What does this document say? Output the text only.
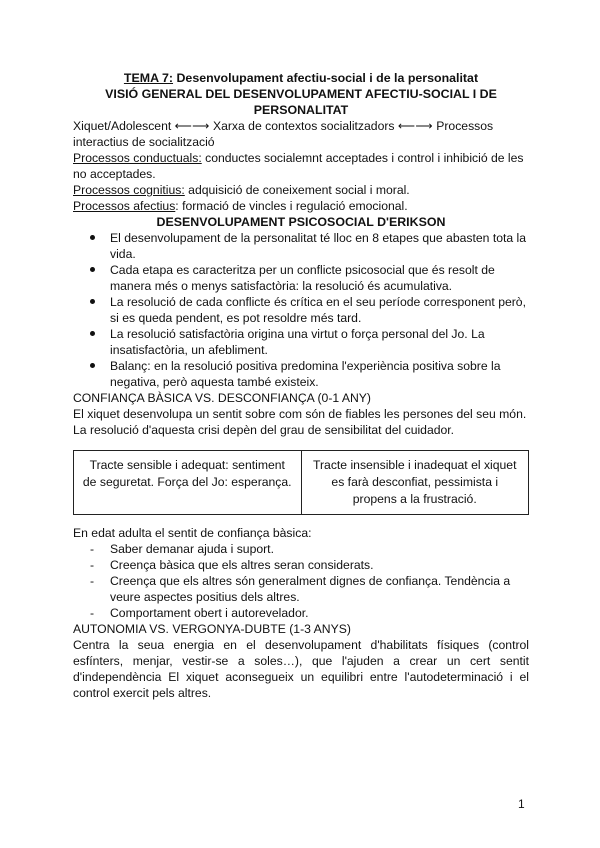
TEMA 7: Desenvolupament afectiu-social i de la personalitat
VISIÓ GENERAL DEL DESENVOLUPAMENT AFECTIU-SOCIAL I DE
PERSONALITAT

Xiquet/Adolescent ⟵⟶ Xarxa de contextos socialitzadors ⟵⟶ Processos interactius de socialització

Processos conductuals: conductes socialemnt acceptades i control i inhibició de les no acceptades.

Processos cognitius: adquisició de coneixement social i moral.

Processos afectius: formació de vincles i regulació emocional.

DESENVOLUPAMENT PSICOSOCIAL D'ERIKSON
El desenvolupament de la personalitat té lloc en 8 etapes que abasten tota la vida.
Cada etapa es caracteritza per un conflicte psicosocial que és resolt de manera més o menys satisfactòria: la resolució és acumulativa.
La resolució de cada conflicte és crítica en el seu període corresponent però, si es queda pendent, es pot resoldre més tard.
La resolució satisfactòria origina una virtut o força personal del Jo. La insatisfactòria, un afebliment.
Balanç: en la resolució positiva predomina l'experiència positiva sobre la negativa, però aquesta també existeix.

CONFIANÇA BÀSICA VS. DESCONFIANÇA (0-1 ANY)

El xiquet desenvolupa un sentit sobre com són de fiables les persones del seu món. La resolució d'aquesta crisi depèn del grau de sensibilitat del cuidador.

Tracte sensible i adequat: sentiment de seguretat. Força del Jo: esperança.	Tracte insensible i inadequat el xiquet es farà desconfiat, pessimista i propens a la frustració.

En edat adulta el sentit de confiança bàsica:

- Saber demanar ajuda i suport.
- Creença bàsica que els altres seran considerats.
- Creença que els altres són generalment dignes de confiança. Tendència a veure aspectes positius dels altres.
- Comportament obert i autorevelador.

AUTONOMIA VS. VERGONYA-DUBTE (1-3 ANYS)

Centra la seua energia en el desenvolupament d'habilitats físiques (control esfínters, menjar, vestir-se a soles…), que l'ajuden a crear un cert sentit d'independència El xiquet aconsegueix un equilibri entre l'autodeterminació i el control exercit pels altres.

1
